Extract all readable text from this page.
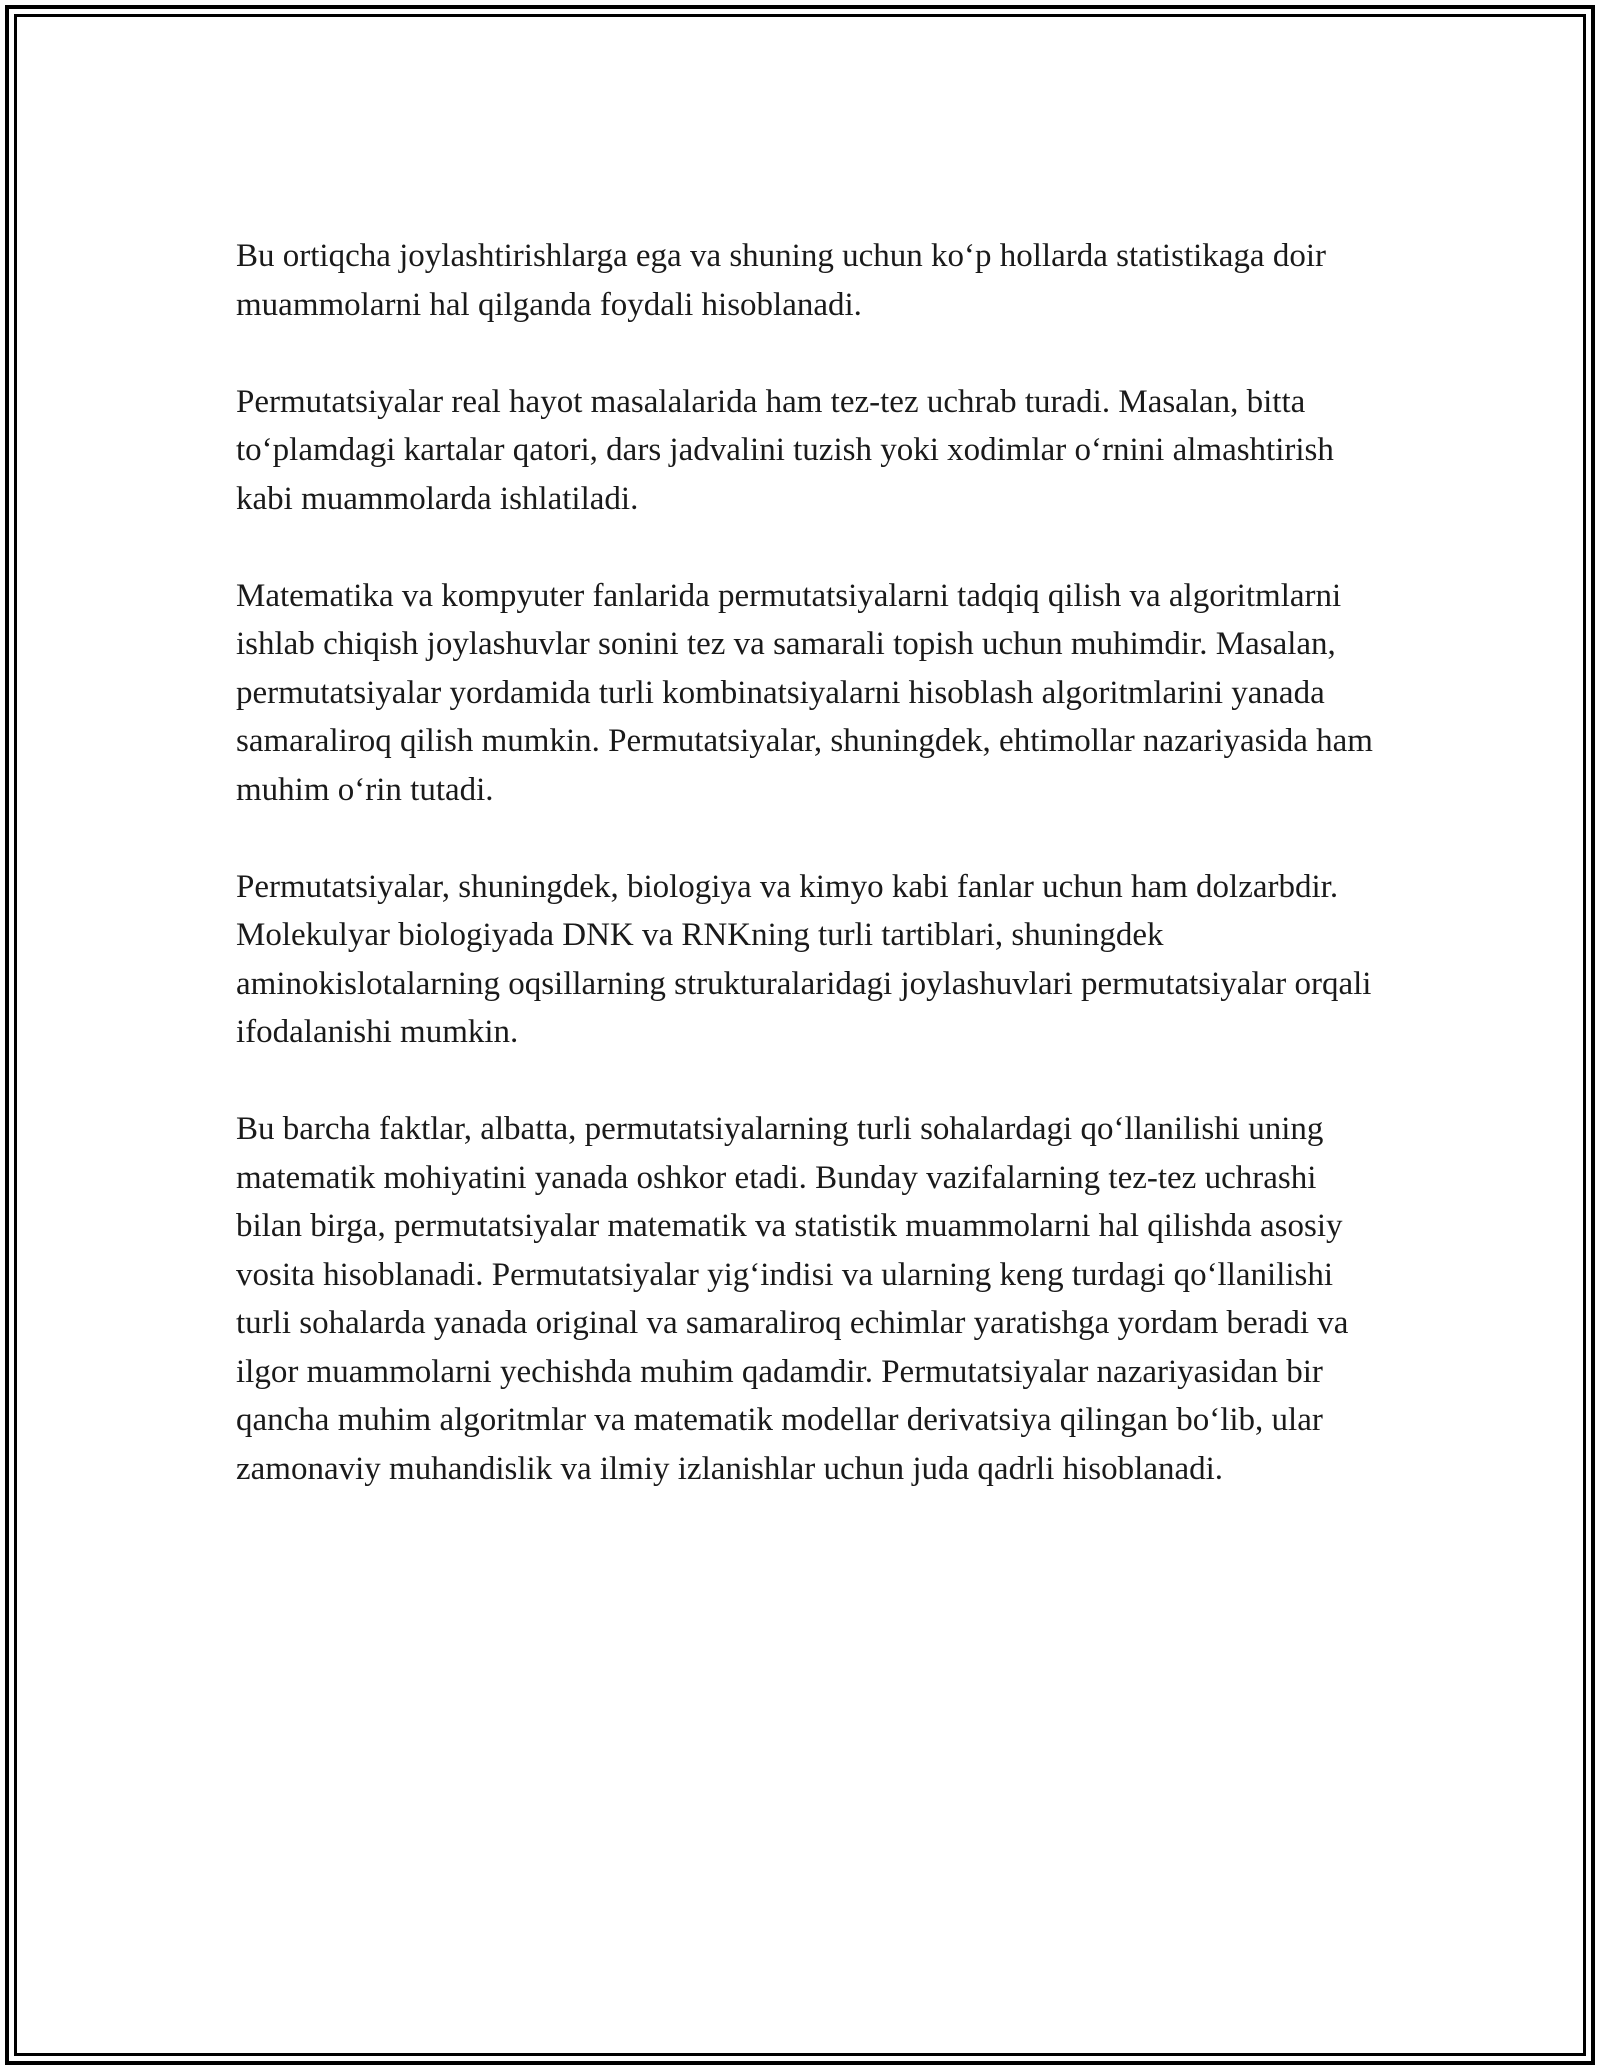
Bu ortiqcha joylashtirishlarga ega va shuning uchun ko‘p hollarda statistikaga doir muammolarni hal qilganda foydali hisoblanadi.

Permutatsiyalar real hayot masalalarida ham tez-tez uchrab turadi. Masalan, bitta to‘plamdagi kartalar qatori, dars jadvalini tuzish yoki xodimlar o‘rnini almashtirish kabi muammolarda ishlatiladi.

Matematika va kompyuter fanlarida permutatsiyalarni tadqiq qilish va algoritmlarni ishlab chiqish joylashuvlar sonini tez va samarali topish uchun muhimdir. Masalan, permutatsiyalar yordamida turli kombinatsiyalarni hisoblash algoritmlarini yanada samaraliroq qilish mumkin. Permutatsiyalar, shuningdek, ehtimollar nazariyasida ham muhim o‘rin tutadi.

Permutatsiyalar, shuningdek, biologiya va kimyo kabi fanlar uchun ham dolzarbdir. Molekulyar biologiyada DNK va RNKning turli tartiblari, shuningdek aminokislotalarning oqsillarning strukturalaridagi joylashuvlari permutatsiyalar orqali ifodalanishi mumkin.

Bu barcha faktlar, albatta, permutatsiyalarning turli sohalardagi qo‘llanilishi uning matematik mohiyatini yanada oshkor etadi. Bunday vazifalarning tez-tez uchrashi bilan birga, permutatsiyalar matematik va statistik muammolarni hal qilishda asosiy vosita hisoblanadi. Permutatsiyalar yig‘indisi va ularning keng turdagi qo‘llanilishi turli sohalarda yanada original va samaraliroq echimlar yaratishga yordam beradi va ilgor muammolarni yechishda muhim qadamdir. Permutatsiyalar nazariyasidan bir qancha muhim algoritmlar va matematik modellar derivatsiya qilingan bo‘lib, ular zamonaviy muhandislik va ilmiy izlanishlar uchun juda qadrli hisoblanadi.
